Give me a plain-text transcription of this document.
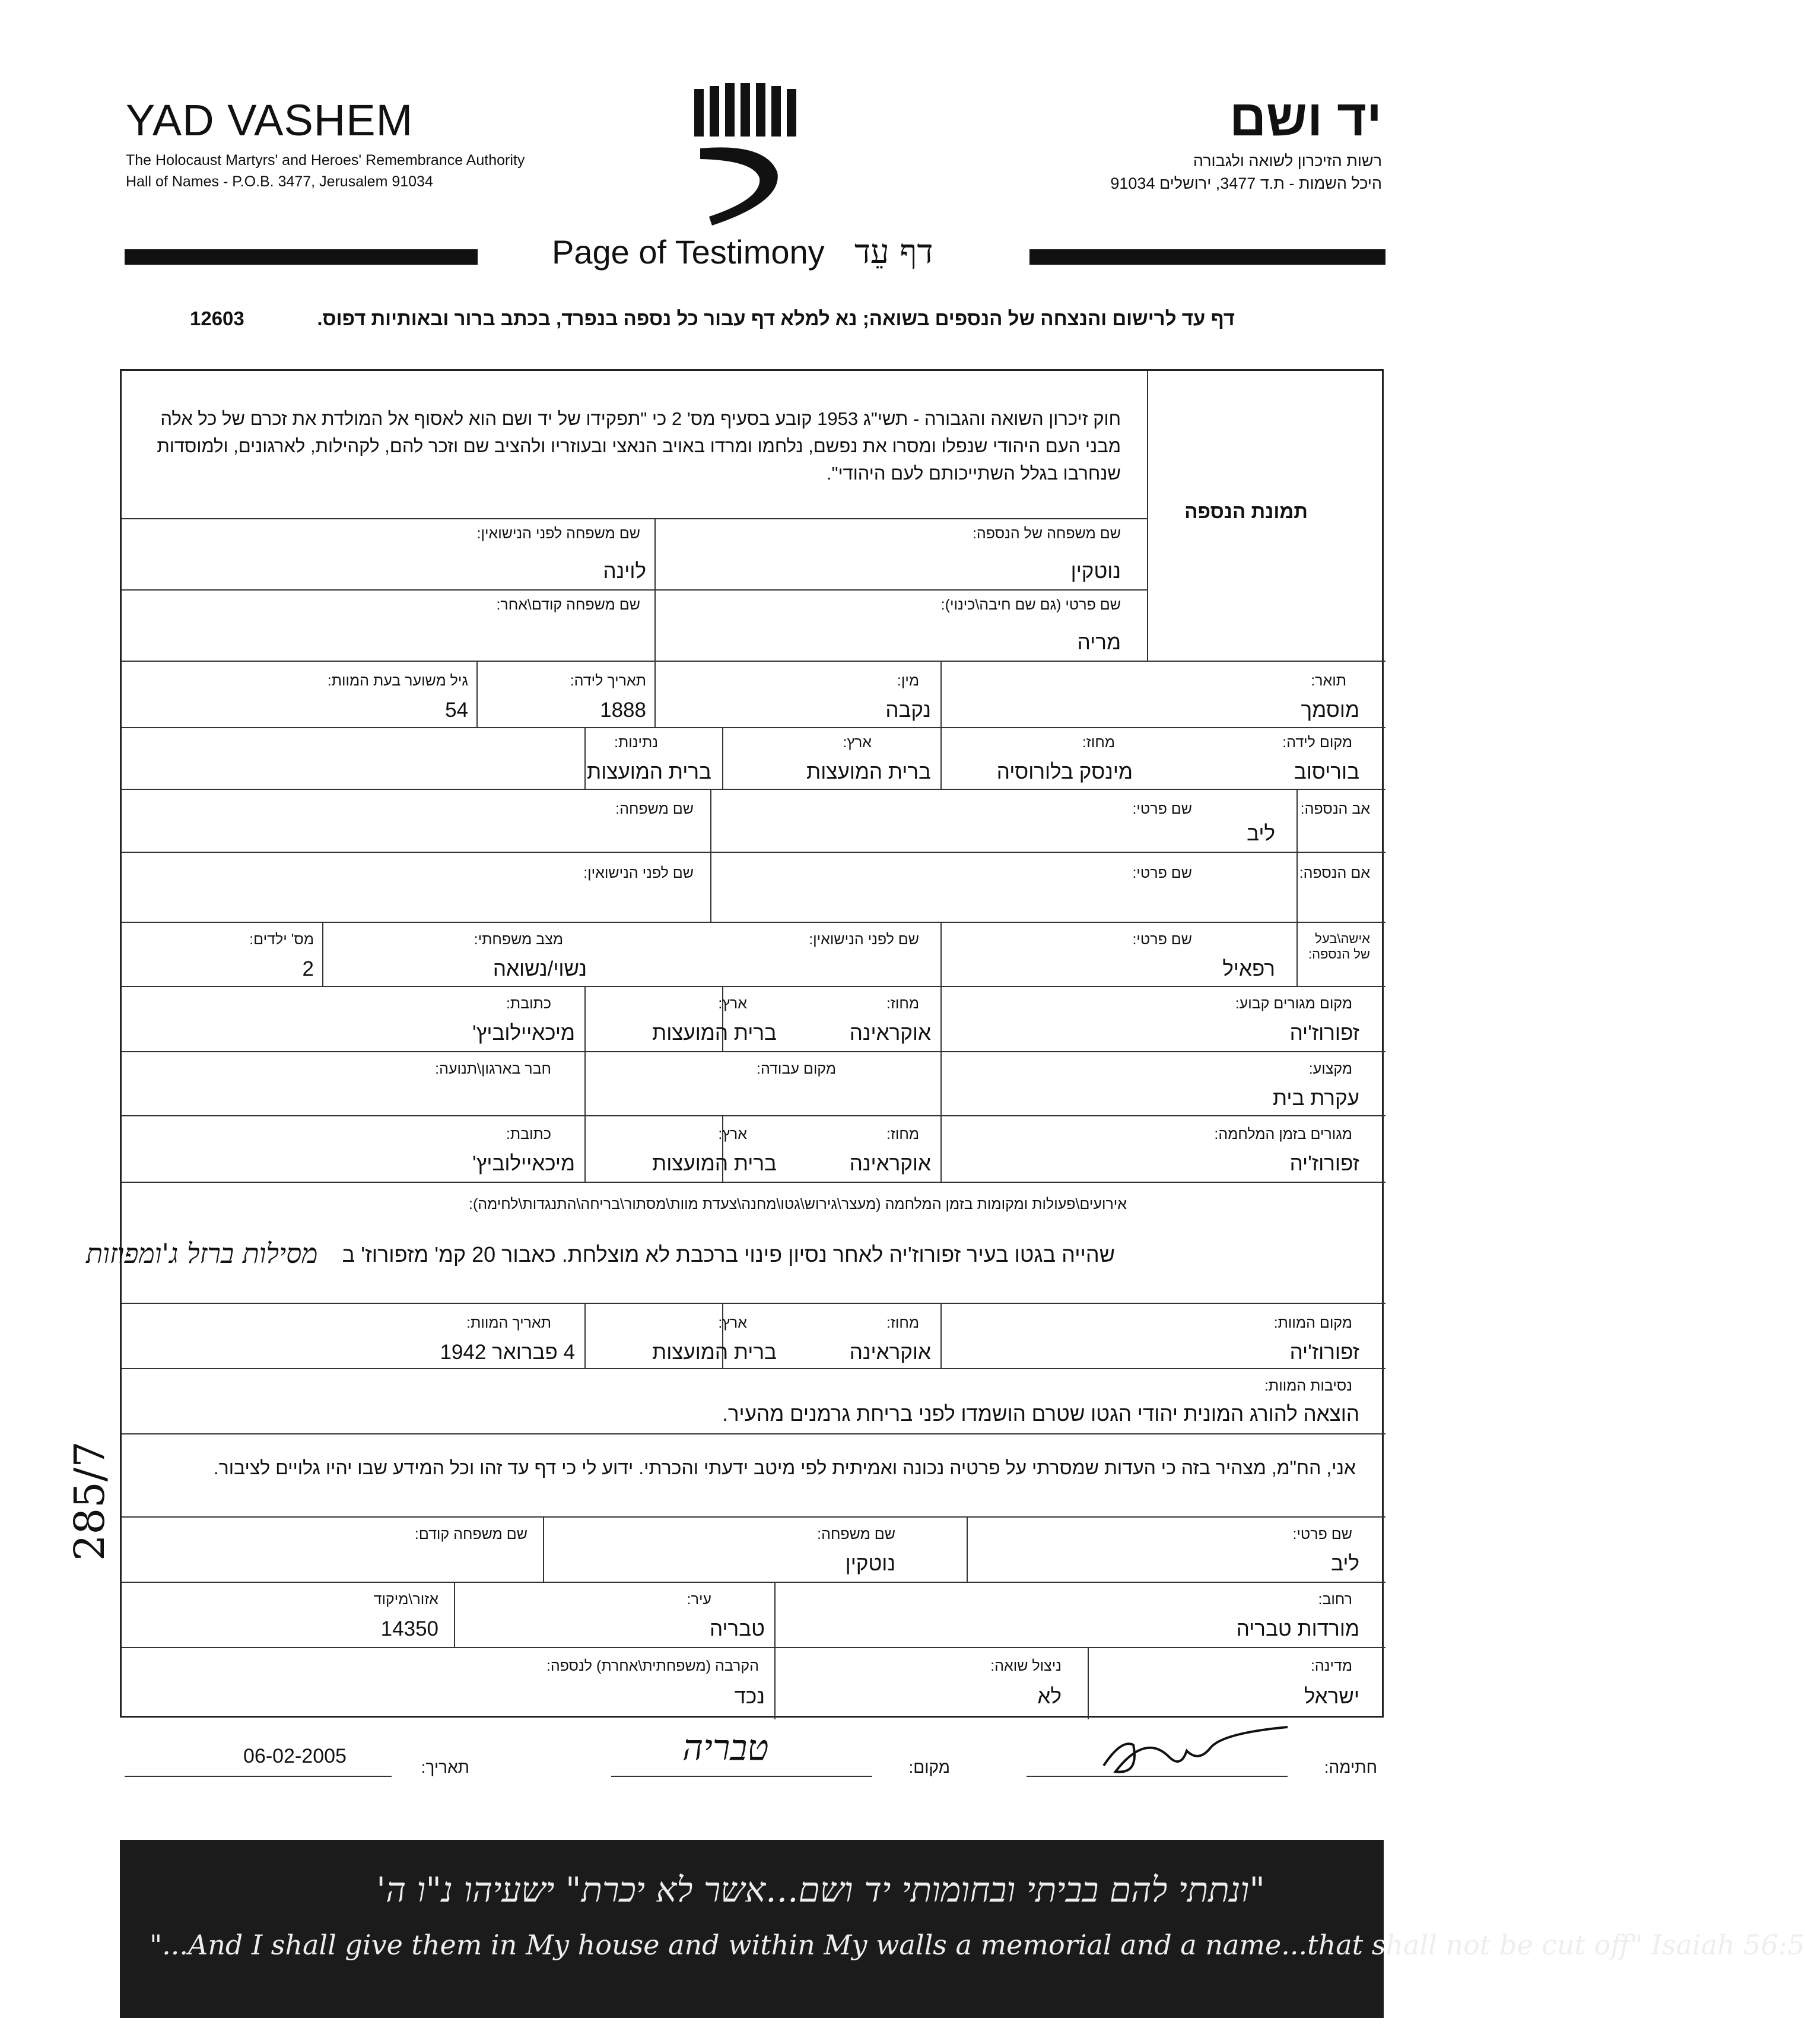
YAD VASHEM
The Holocaust Martyrs' and Heroes' Remembrance Authority
Hall of Names - P.O.B. 3477, Jerusalem 91034
יד ושם
רשות הזיכרון לשואה ולגבורה
היכל השמות - ת.ד 3477, ירושלים 91034
Page of Testimony דף עֵד
דף עד לרישום והנצחה של הנספים בשואה; נא למלא דף עבור כל נספה בנפרד, בכתב ברור ובאותיות דפוס.
12603
חוק זיכרון השואה והגבורה - תשי"ג 1953 קובע בסעיף מס' 2 כי "תפקידו של יד ושם הוא לאסוף אל המולדת את זכרם של כל אלה מבני העם היהודי שנפלו ומסרו את נפשם, נלחמו ומרדו באויב הנאצי ובעוזריו ולהציב שם וזכר להם, לקהילות, לארגונים, ולמוסדות שנחרבו בגלל השתייכותם לעם היהודי".
תמונת הנספה
שם משפחה של הנספה:
נוטקין
שם משפחה לפני הנישואין:
לוינה
שם פרטי (גם שם חיבה\כינוי):
מריה
שם משפחה קודם\אחר:
תואר:
מוסמך
מין:
נקבה
תאריך לידה:
1888
גיל משוער בעת המוות:
54
מקום לידה:
בוריסוב
מחוז:
מינסק בלורוסיה
ארץ:
ברית המועצות
נתינות:
ברית המועצות
אב הנספה:
שם פרטי:
ליב
שם משפחה:
אם הנספה:
שם פרטי:
שם לפני הנישואין:
אישה\בעל של הנספה:
שם פרטי:
רפאיל
שם לפני הנישואין:
מצב משפחתי:
נשוי/נשואה
מס' ילדים:
2
מקום מגורים קבוע:
זפורוז'יה
מחוז:
אוקראינה
ארץ:
ברית המועצות
כתובת:
מיכאיילוביץ'
מקצוע:
עקרת בית
מקום עבודה:
חבר בארגון\תנועה:
מגורים בזמן המלחמה:
זפורוז'יה
מחוז:
אוקראינה
ארץ:
ברית המועצות
כתובת:
מיכאיילוביץ'
אירועים\פעולות ומקומות בזמן המלחמה (מעצר\גירוש\גטו\מחנה\צעדת מוות\מסתור\בריחה\התנגדות\לחימה):
שהייה בגטו בעיר זפורוז'יה לאחר נסיון פינוי ברכבת לא מוצלחת. כאבור 20 קמ' מזפורוז' ב
מסילות ברזל ג'ומפוזות
מקום המוות:
זפורוז'יה
מחוז:
אוקראינה
ארץ:
ברית המועצות
תאריך המוות:
4 פברואר 1942
נסיבות המוות:
הוצאה להורג המונית יהודי הגטו שטרם הושמדו לפני בריחת גרמנים מהעיר.
אני, הח"מ, מצהיר בזה כי העדות שמסרתי על פרטיה נכונה ואמיתית לפי מיטב ידעתי והכרתי. ידוע לי כי דף עד זהו וכל המידע שבו יהיו גלויים לציבור.
שם פרטי:
ליב
שם משפחה:
נוטקין
שם משפחה קודם:
רחוב:
מורדות טבריה
עיר:
טבריה
אזור\מיקוד
14350
מדינה:
ישראל
ניצול שואה:
לא
הקרבה (משפחתית\אחרת) לנספה:
נכד
285/7
חתימה:
מקום:
טבריה
תאריך:
06-02-2005
"ונתתי להם בביתי ובחומותי יד ושם...אשר לא יכרת" ישעיהו נ"ו ה'
"...And I shall give them in My house and within My walls a memorial and a name...that shall not be cut off" Isaiah 56:5
